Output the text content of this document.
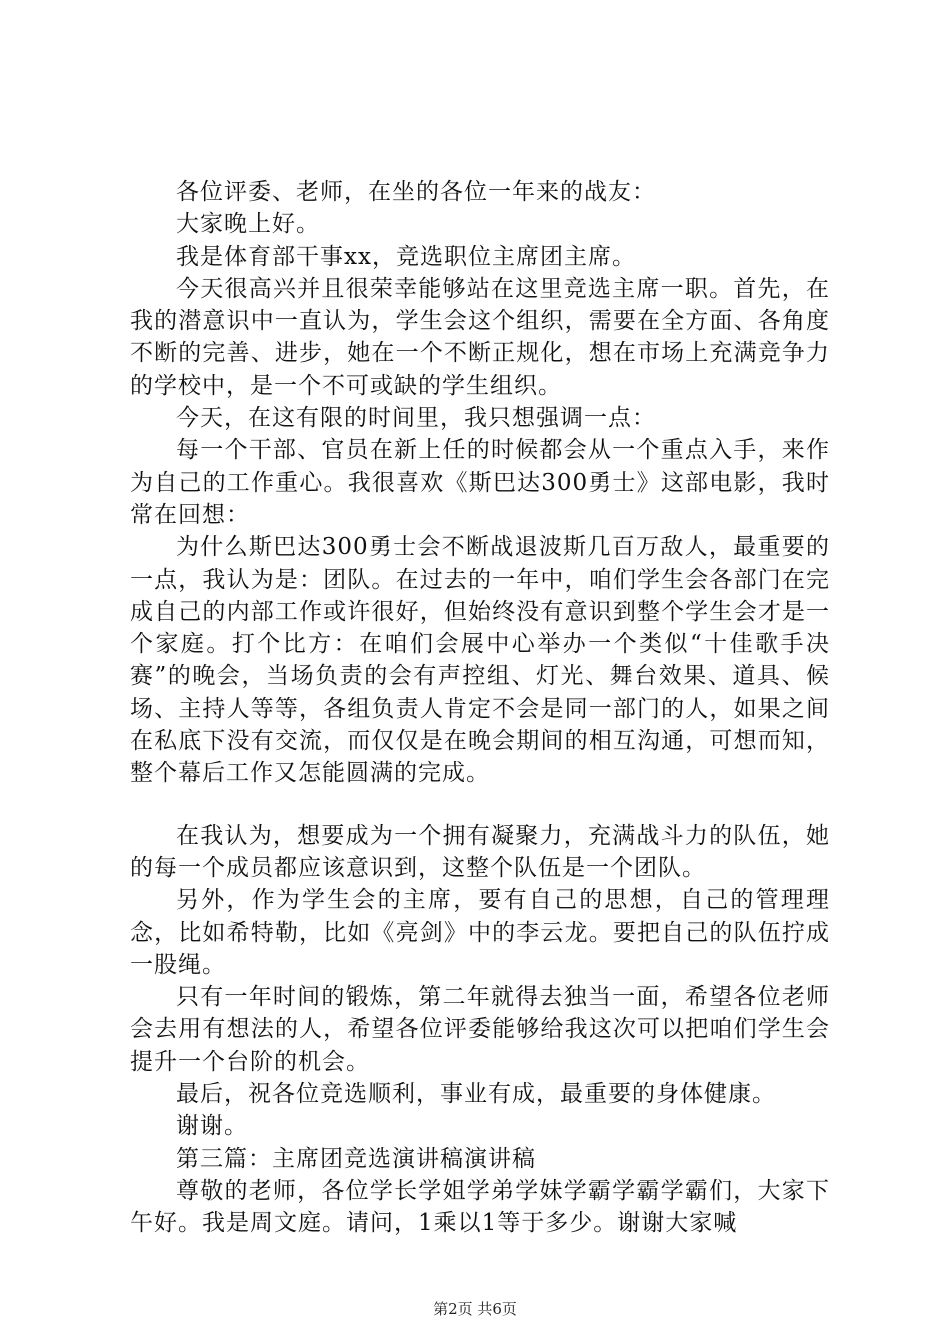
各位评委、老师，在坐的各位一年来的战友：

大家晚上好。

我是体育部干事xx，竞选职位主席团主席。

今天很高兴并且很荣幸能够站在这里竞选主席一职。首先，在我的潜意识中一直认为，学生会这个组织，需要在全方面、各角度不断的完善、进步，她在一个不断正规化，想在市场上充满竞争力的学校中，是一个不可或缺的学生组织。

今天，在这有限的时间里，我只想强调一点：

每一个干部、官员在新上任的时候都会从一个重点入手，来作为自己的工作重心。我很喜欢《斯巴达300勇士》这部电影，我时常在回想：

为什么斯巴达300勇士会不断战退波斯几百万敌人，最重要的一点，我认为是：团队。在过去的一年中，咱们学生会各部门在完成自己的内部工作或许很好，但始终没有意识到整个学生会才是一个家庭。打个比方：在咱们会展中心举办一个类似“十佳歌手决赛”的晚会，当场负责的会有声控组、灯光、舞台效果、道具、候场、主持人等等，各组负责人肯定不会是同一部门的人，如果之间在私底下没有交流，而仅仅是在晚会期间的相互沟通，可想而知，整个幕后工作又怎能圆满的完成。

在我认为，想要成为一个拥有凝聚力，充满战斗力的队伍，她的每一个成员都应该意识到，这整个队伍是一个团队。

另外，作为学生会的主席，要有自己的思想，自己的管理理念，比如希特勒，比如《亮剑》中的李云龙。要把自己的队伍拧成一股绳。

只有一年时间的锻炼，第二年就得去独当一面，希望各位老师会去用有想法的人，希望各位评委能够给我这次可以把咱们学生会提升一个台阶的机会。

最后，祝各位竞选顺利，事业有成，最重要的身体健康。

谢谢。

第三篇：主席团竞选演讲稿演讲稿

尊敬的老师，各位学长学姐学弟学妹学霸学霸学霸们，大家下午好。我是周文庭。请问，1乘以1等于多少。谢谢大家喊

第2页 共6页
